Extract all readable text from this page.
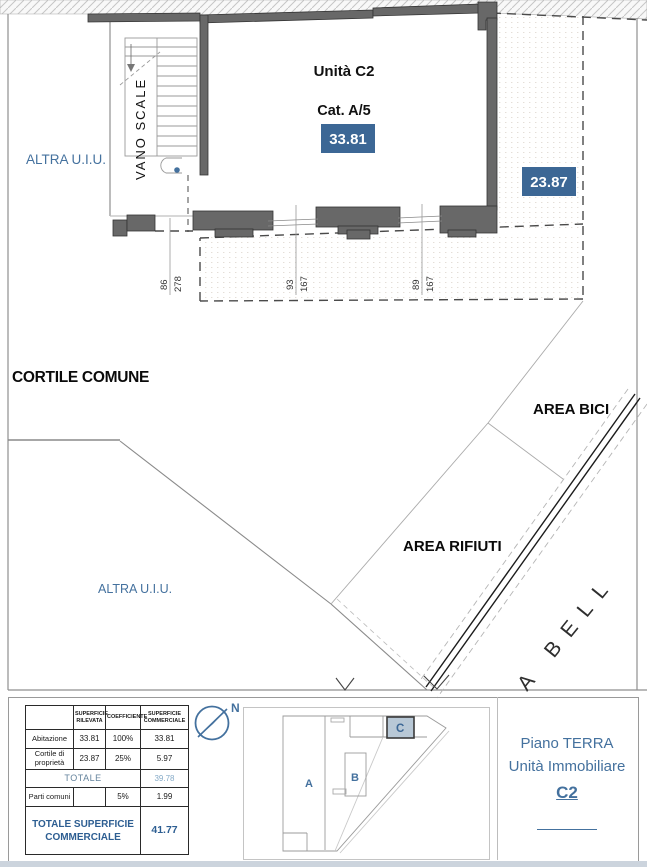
86 278	93 167	89 167
ALTRA U.I.U. VANO SCALE
Unità C2
Cat. A/5
33.81
23.87
CORTILE COMUNE
AREA BICI
AREA RIFIUTI
ALTRA U.I.U.	A BELL
N
A	B
C
	SUPERFICIE RILEVATA	COEFFICIENTE	SUPERFICIE COMMERCIALE
Abitazione	33.81	100%	33.81
Cortile di proprietà	23.87	25%	5.97
TOTALE			39.78
Parti comuni		5%	1.99
TOTALE SUPERFICIE COMMERCIALE			41.77
Piano TERRA
Unità Immobiliare
C2
